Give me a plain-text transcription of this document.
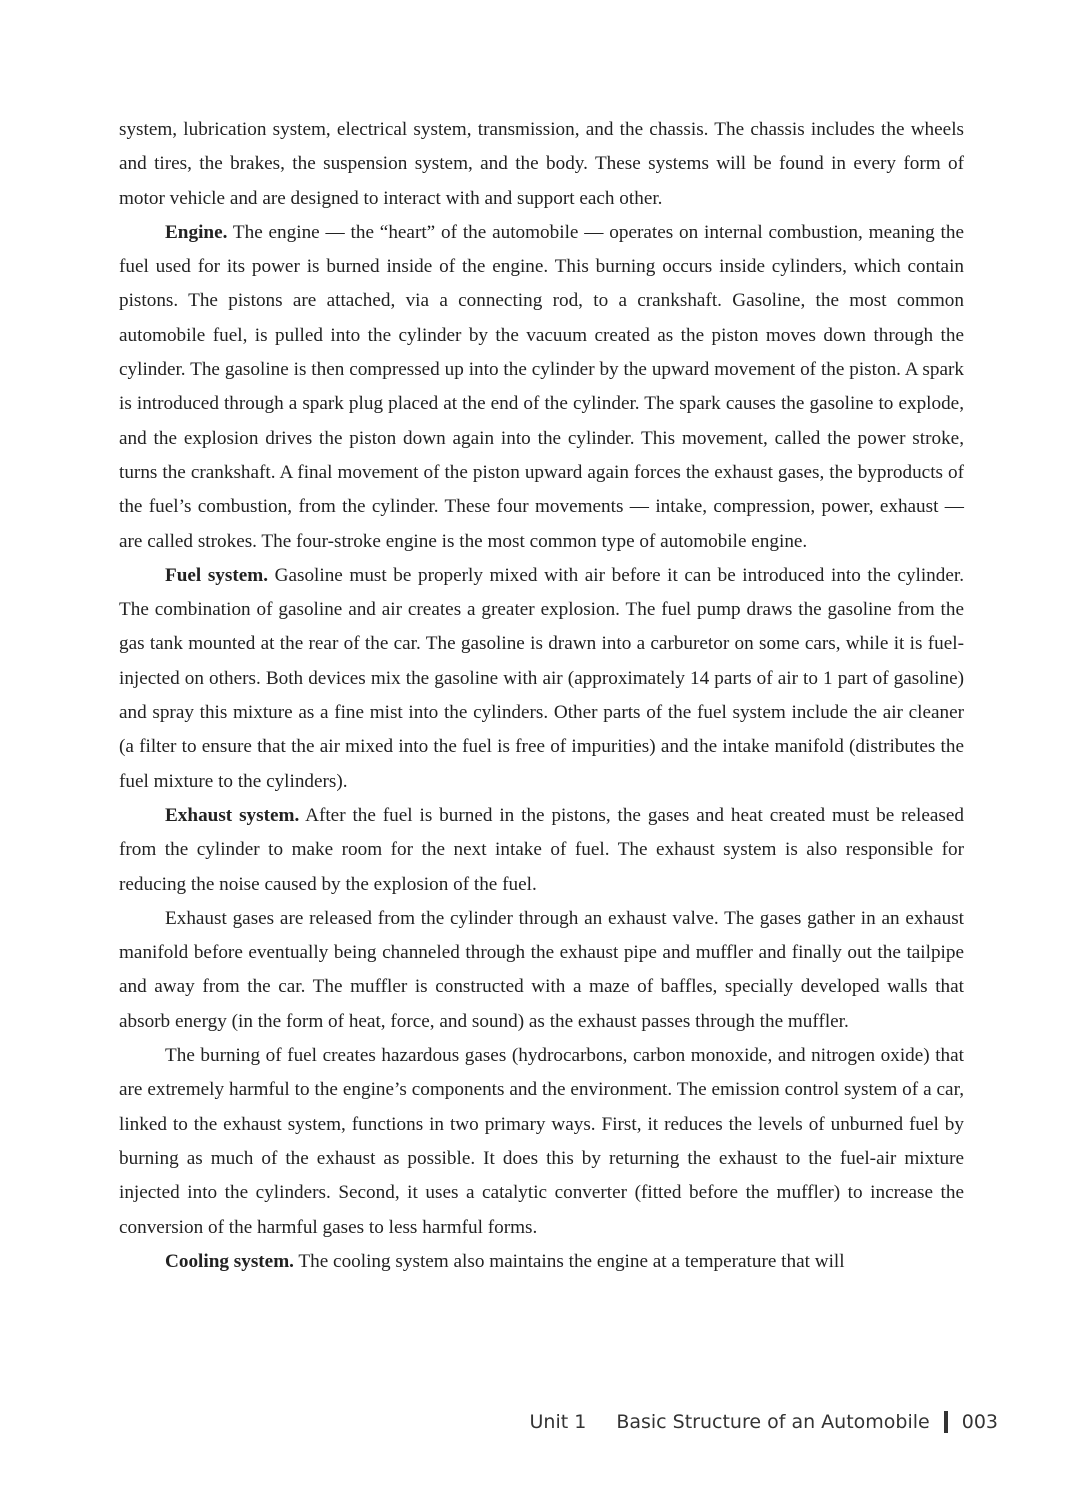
system, lubrication system, electrical system, transmission, and the chassis. The chassis includes the wheels and tires, the brakes, the suspension system, and the body. These systems will be found in every form of motor vehicle and are designed to interact with and support each other.

Engine. The engine — the “heart” of the automobile — operates on internal combustion, meaning the fuel used for its power is burned inside of the engine. This burning occurs inside cylinders, which contain pistons. The pistons are attached, via a connecting rod, to a crankshaft. Gasoline, the most common automobile fuel, is pulled into the cylinder by the vacuum created as the piston moves down through the cylinder. The gasoline is then compressed up into the cylinder by the upward movement of the piston. A spark is introduced through a spark plug placed at the end of the cylinder. The spark causes the gasoline to explode, and the explosion drives the piston down again into the cylinder. This movement, called the power stroke, turns the crankshaft. A final movement of the piston upward again forces the exhaust gases, the byproducts of the fuel’s combustion, from the cylinder. These four movements — intake, compression, power, exhaust — are called strokes. The four-stroke engine is the most common type of automobile engine.

Fuel system. Gasoline must be properly mixed with air before it can be introduced into the cylinder. The combination of gasoline and air creates a greater explosion. The fuel pump draws the gasoline from the gas tank mounted at the rear of the car. The gasoline is drawn into a carburetor on some cars, while it is fuel-injected on others. Both devices mix the gasoline with air (approximately 14 parts of air to 1 part of gasoline) and spray this mixture as a fine mist into the cylinders. Other parts of the fuel system include the air cleaner (a filter to ensure that the air mixed into the fuel is free of impurities) and the intake manifold (distributes the fuel mixture to the cylinders).

Exhaust system. After the fuel is burned in the pistons, the gases and heat created must be released from the cylinder to make room for the next intake of fuel. The exhaust system is also responsible for reducing the noise caused by the explosion of the fuel.

Exhaust gases are released from the cylinder through an exhaust valve. The gases gather in an exhaust manifold before eventually being channeled through the exhaust pipe and muffler and finally out the tailpipe and away from the car. The muffler is constructed with a maze of baffles, specially developed walls that absorb energy (in the form of heat, force, and sound) as the exhaust passes through the muffler.

The burning of fuel creates hazardous gases (hydrocarbons, carbon monoxide, and nitrogen oxide) that are extremely harmful to the engine’s components and the environment. The emission control system of a car, linked to the exhaust system, functions in two primary ways. First, it reduces the levels of unburned fuel by burning as much of the exhaust as possible. It does this by returning the exhaust to the fuel-air mixture injected into the cylinders. Second, it uses a catalytic converter (fitted before the muffler) to increase the conversion of the harmful gases to less harmful forms.

Cooling system. The cooling system also maintains the engine at a temperature that will

Unit 1 Basic Structure of an Automobile 003
